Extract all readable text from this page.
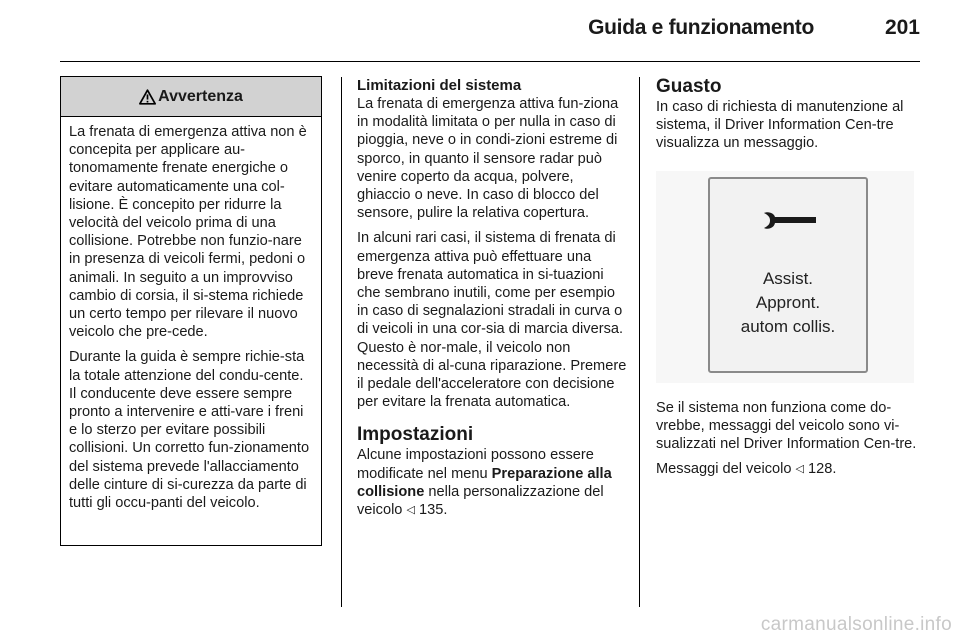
Guida e funzionamento	201
Avvertenza

La frenata di emergenza attiva non è concepita per applicare au-tonomamente frenate energiche o evitare automaticamente una col-lisione. È concepito per ridurre la velocità del veicolo prima di una collisione. Potrebbe non funzio-nare in presenza di veicoli fermi, pedoni o animali. In seguito a un improvviso cambio di corsia, il si-stema richiede un certo tempo per rilevare il nuovo veicolo che pre-cede.

Durante la guida è sempre richie-sta la totale attenzione del condu-cente. Il conducente deve essere sempre pronto a intervenire e atti-vare i freni e lo sterzo per evitare possibili collisioni. Un corretto fun-zionamento del sistema prevede l'allacciamento delle cinture di si-curezza da parte di tutti gli occu-panti del veicolo.

Limitazioni del sistema

La frenata di emergenza attiva fun-ziona in modalità limitata o per nulla in caso di pioggia, neve o in condi-zioni estreme di sporco, in quanto il sensore radar può venire coperto da acqua, polvere, ghiaccio o neve. In caso di blocco del sensore, pulire la relativa copertura.

In alcuni rari casi, il sistema di frenata di emergenza attiva può effettuare una breve frenata automatica in si-tuazioni che sembrano inutili, come per esempio in caso di segnalazioni stradali in curva o di veicoli in una cor-sia di marcia diversa. Questo è nor-male, il veicolo non necessità di al-cuna riparazione. Premere il pedale dell'acceleratore con decisione per evitare la frenata automatica.

Impostazioni

Alcune impostazioni possono essere modificate nel menu Preparazione alla collisione nella personalizzazione del veicolo ◁ 135.

Guasto

In caso di richiesta di manutenzione al sistema, il Driver Information Cen-tre visualizza un messaggio.

Assist.
Appront.
autom collis.

Se il sistema non funziona come do-vrebbe, messaggi del veicolo sono vi-sualizzati nel Driver Information Cen-tre.

Messaggi del veicolo ◁ 128.

carmanualsonline.info
